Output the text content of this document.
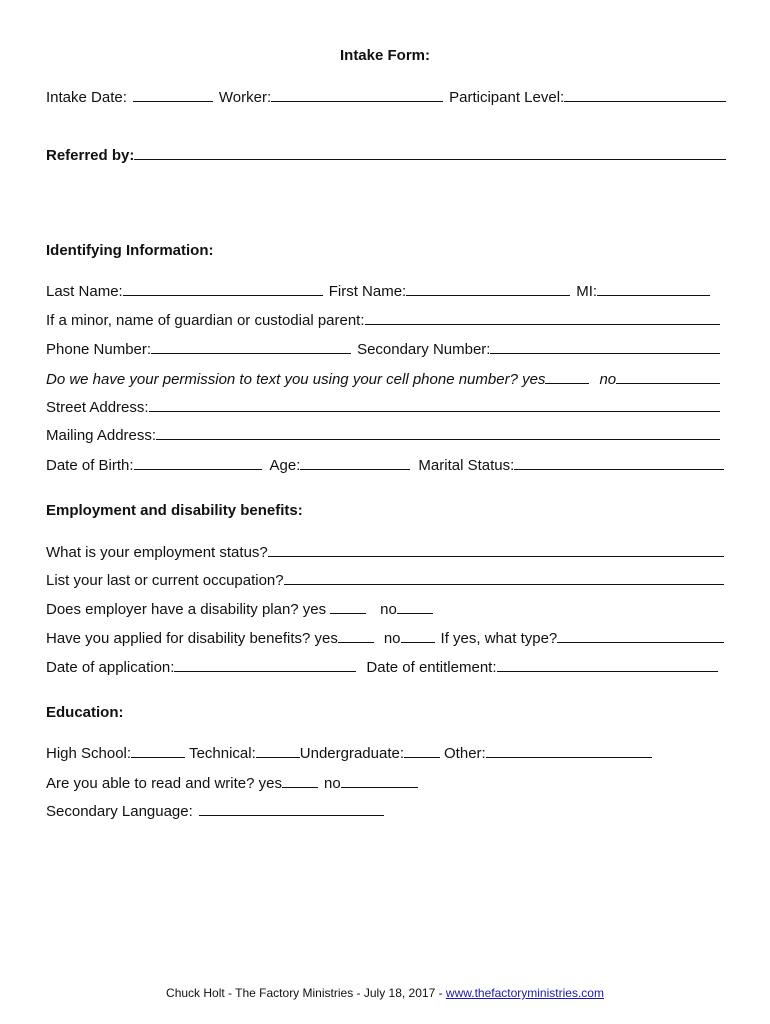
Intake Form:
Intake Date:	Worker:	Participant Level:
Referred by:
Identifying Information:
Last Name:	First Name:	MI:
If a minor, name of guardian or custodial parent:
Phone Number:	Secondary Number:
Do we have your permission to text you using your cell phone number? yes	no
Street Address:
Mailing Address:
Date of Birth:	Age:	Marital Status:
Employment and disability benefits:
What is your employment status?
List your last or current occupation?
Does employer have a disability plan? yes	no
Have you applied for disability benefits? yes	no	If yes, what type?
Date of application:	Date of entitlement:
Education:
High School:	Technical:	Undergraduate:	Other:
Are you able to read and write? yes	no
Secondary Language:
Chuck Holt - The Factory Ministries - July 18, 2017 - www.thefactoryministries.com
